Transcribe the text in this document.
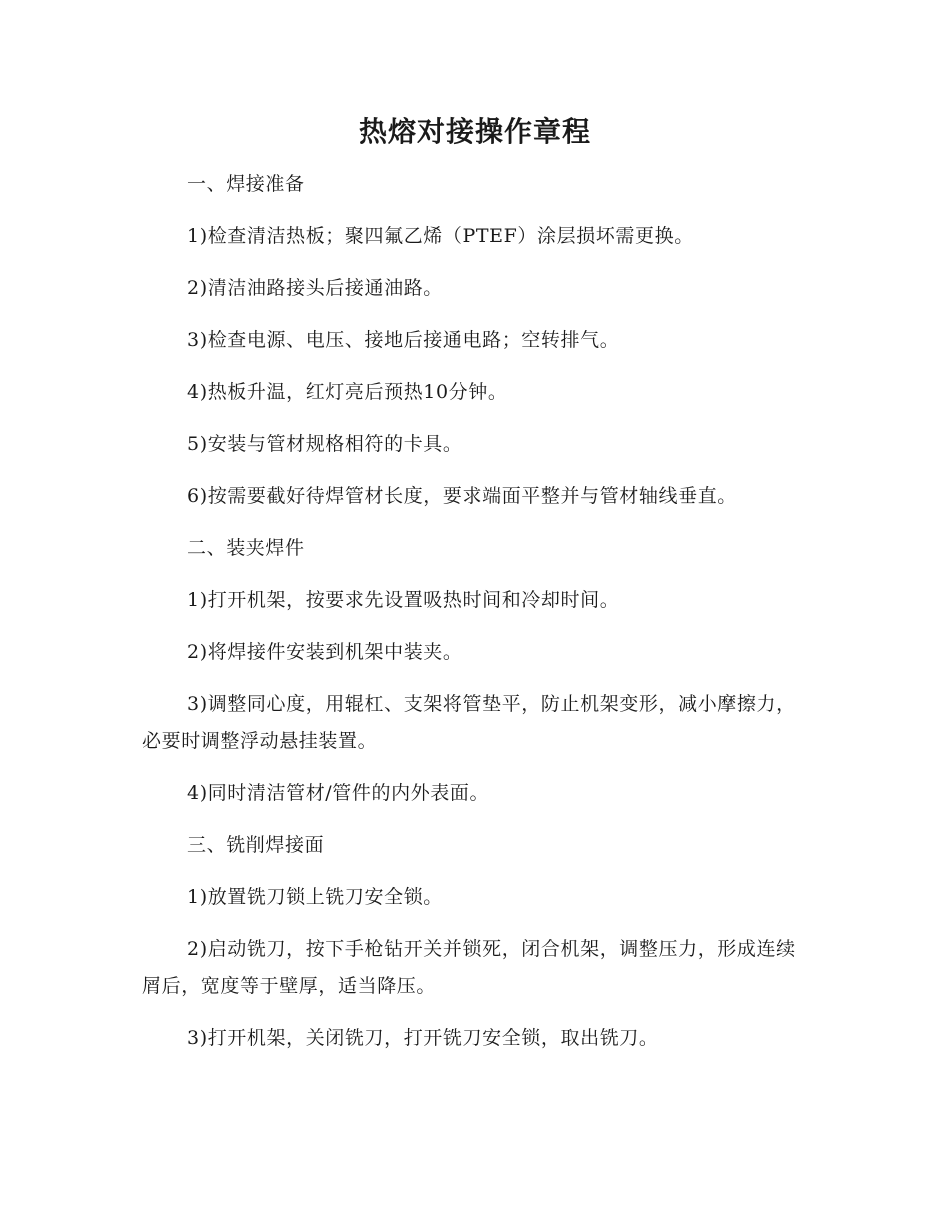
热熔对接操作章程

一、焊接准备

1)检查清洁热板；聚四氟乙烯（PTEF）涂层损坏需更换。

2)清洁油路接头后接通油路。

3)检查电源、电压、接地后接通电路；空转排气。

4)热板升温，红灯亮后预热10分钟。

5)安装与管材规格相符的卡具。

6)按需要截好待焊管材长度，要求端面平整并与管材轴线垂直。

二、装夹焊件

1)打开机架，按要求先设置吸热时间和冷却时间。

2)将焊接件安装到机架中装夹。

3)调整同心度，用辊杠、支架将管垫平，防止机架变形，减小摩擦力，必要时调整浮动悬挂装置。

4)同时清洁管材/管件的内外表面。

三、铣削焊接面

1)放置铣刀锁上铣刀安全锁。

2)启动铣刀，按下手枪钻开关并锁死，闭合机架，调整压力，形成连续屑后，宽度等于壁厚，适当降压。

3)打开机架，关闭铣刀，打开铣刀安全锁，取出铣刀。
